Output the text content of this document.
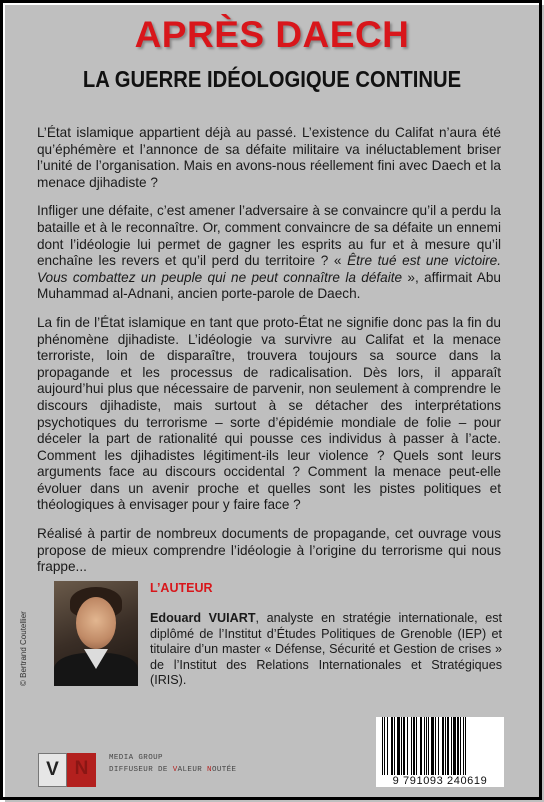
APRÈS DAECH
LA GUERRE IDÉOLOGIQUE CONTINUE

L’État islamique appartient déjà au passé. L’existence du Califat n’aura été qu’éphémère et l’annonce de sa défaite militaire va inéluctablement briser l’unité de l’organisation. Mais en avons-nous réellement fini avec Daech et la menace djihadiste ?

Infliger une défaite, c’est amener l’adversaire à se convaincre qu’il a perdu la bataille et à le reconnaître. Or, comment convaincre de sa défaite un ennemi dont l’idéologie lui permet de gagner les esprits au fur et à mesure qu’il enchaîne les revers et qu’il perd du territoire ? « Être tué est une victoire. Vous combattez un peuple qui ne peut connaître la défaite », affirmait Abu Muhammad al-Adnani, ancien porte-parole de Daech.

La fin de l’État islamique en tant que proto-État ne signifie donc pas la fin du phénomène djihadiste. L’idéologie va survivre au Califat et la menace terroriste, loin de disparaître, trouvera toujours sa source dans la propagande et les processus de radicalisation. Dès lors, il apparaît aujourd’hui plus que nécessaire de parvenir, non seulement à comprendre le discours djihadiste, mais surtout à se détacher des interprétations psychotiques du terrorisme – sorte d’épidémie mondiale de folie – pour déceler la part de rationalité qui pousse ces individus à passer à l’acte. Comment les djihadistes légitiment-ils leur violence ? Quels sont leurs arguments face au discours occidental ? Comment la menace peut-elle évoluer dans un avenir proche et quelles sont les pistes politiques et théologiques à envisager pour y faire face ?

Réalisé à partir de nombreux documents de propagande, cet ouvrage vous propose de mieux comprendre l’idéologie à l’origine du terrorisme qui nous frappe...

© Bertrand Coutellier
L’AUTEUR
Edouard VUIART, analyste en stratégie internationale, est diplômé de l’Institut d’Études Politiques de Grenoble (IEP) et titulaire d’un master « Défense, Sécurité et Gestion de crises » de l’Institut des Relations Internationales et Stratégiques (IRIS).
V N	MEDIA GROUP
DIFFUSEUR DE VALEUR NOUTÉE
9 791093 240619
